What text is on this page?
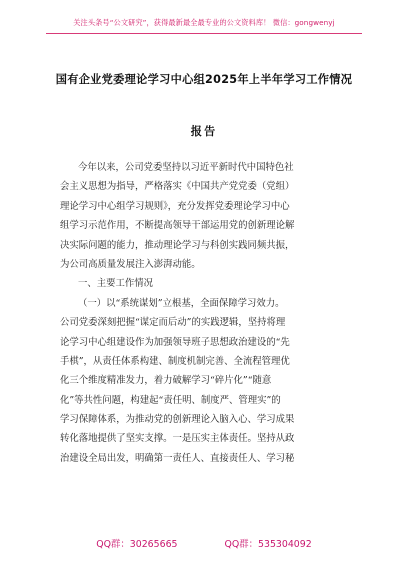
关注头条号“公文研究”，获得最新最全最专业的公文资料库！ 微信：gongwenyj
国有企业党委理论学习中心组2025年上半年学习工作情况
报告
今年以来，公司党委坚持以习近平新时代中国特色社
会主义思想为指导，严格落实《中国共产党党委（党组）
理论学习中心组学习规则》，充分发挥党委理论学习中心
组学习示范作用，不断提高领导干部运用党的创新理论解
决实际问题的能力，推动理论学习与科创实践同频共振，
为公司高质量发展注入澎湃动能。
一、主要工作情况
（一）以“系统谋划”立根基，全面保障学习效力。
公司党委深刻把握“谋定而后动”的实践逻辑，坚持将理
论学习中心组建设作为加强领导班子思想政治建设的“先
手棋”，从责任体系构建、制度机制完善、全流程管理优
化三个维度精准发力，着力破解学习“碎片化”“随意
化”等共性问题，构建起“责任明、制度严、管理实”的
学习保障体系，为推动党的创新理论入脑入心、学习成果
转化落地提供了坚实支撑。一是压实主体责任。坚持从政
治建设全局出发，明确第一责任人、直接责任人、学习秘
QQ群：30265665	QQ群：535304092
